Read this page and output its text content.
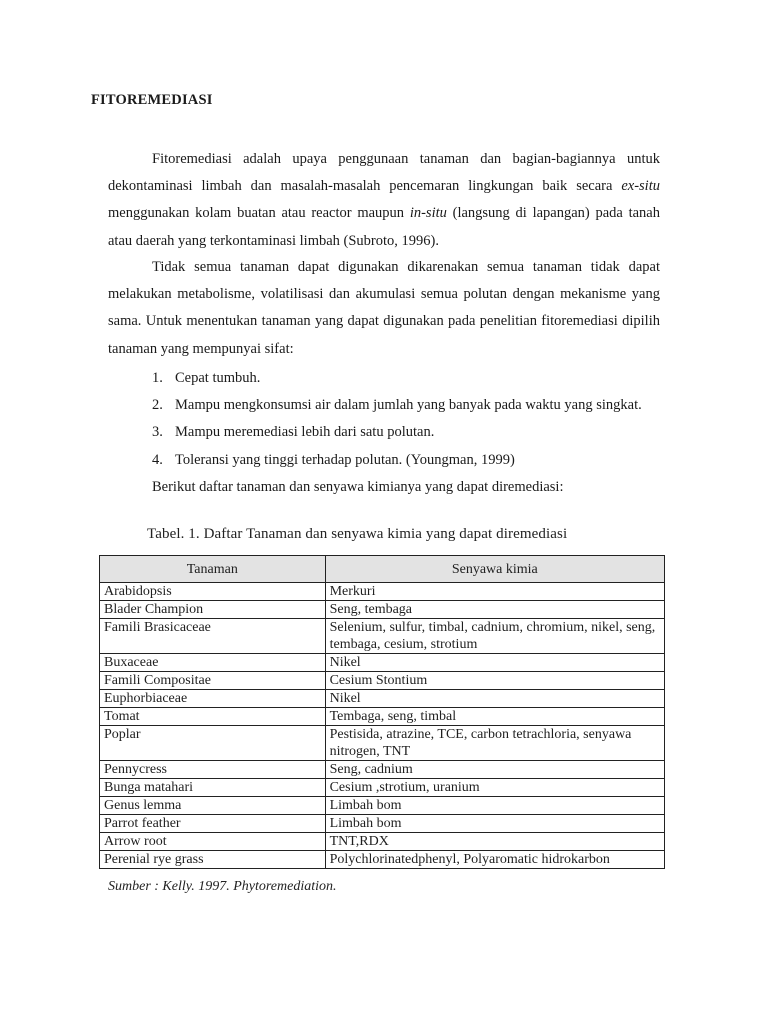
FITOREMEDIASI

Fitoremediasi adalah upaya penggunaan tanaman dan bagian-bagiannya untuk dekontaminasi limbah dan masalah-masalah pencemaran lingkungan baik secara ex-situ menggunakan kolam buatan atau reactor maupun in-situ (langsung di lapangan) pada tanah atau daerah yang terkontaminasi limbah (Subroto, 1996).

Tidak semua tanaman dapat digunakan dikarenakan semua tanaman tidak dapat melakukan metabolisme, volatilisasi dan akumulasi semua polutan dengan mekanisme yang sama. Untuk menentukan tanaman yang dapat digunakan pada penelitian fitoremediasi dipilih tanaman yang mempunyai sifat:

1. Cepat tumbuh.
2. Mampu mengkonsumsi air dalam jumlah yang banyak pada waktu yang singkat.
3. Mampu meremediasi lebih dari satu polutan.
4. Toleransi yang tinggi terhadap polutan. (Youngman, 1999)
Berikut daftar tanaman dan senyawa kimianya yang dapat diremediasi:
Tabel. 1. Daftar Tanaman dan senyawa kimia yang dapat diremediasi
Tanaman	Senyawa kimia
Arabidopsis	Merkuri
Blader Champion	Seng, tembaga
Famili Brasicaceae	Selenium, sulfur, timbal, cadnium, chromium, nikel, seng, tembaga, cesium, strotium
Buxaceae	Nikel
Famili Compositae	Cesium Stontium
Euphorbiaceae	Nikel
Tomat	Tembaga, seng, timbal
Poplar	Pestisida, atrazine, TCE, carbon tetrachloria, senyawa nitrogen, TNT
Pennycress	Seng, cadnium
Bunga matahari	Cesium ,strotium, uranium
Genus lemma	Limbah bom
Parrot feather	Limbah bom
Arrow root	TNT,RDX
Perenial rye grass	Polychlorinatedphenyl, Polyaromatic hidrokarbon
Sumber : Kelly. 1997. Phytoremediation.
